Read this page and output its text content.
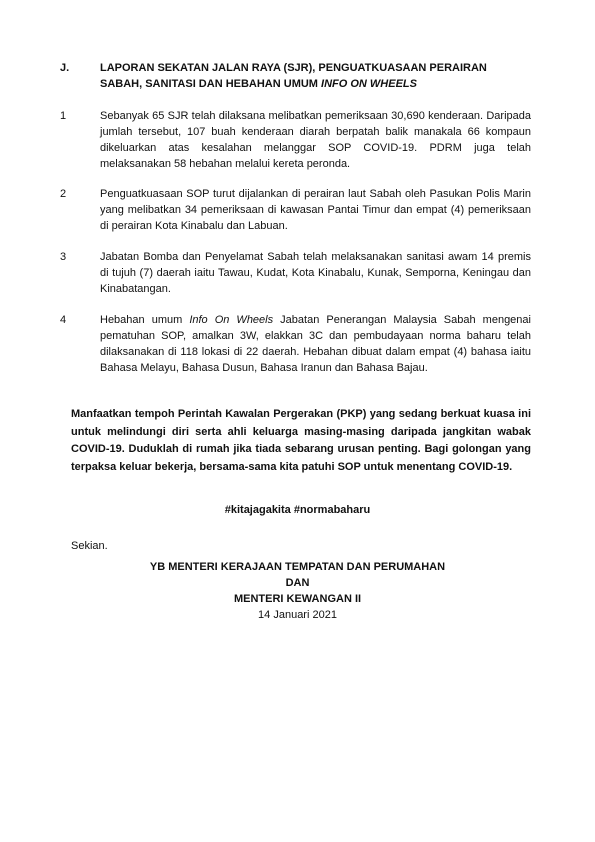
J.	LAPORAN SEKATAN JALAN RAYA (SJR), PENGUATKUASAAN PERAIRAN SABAH, SANITASI DAN HEBAHAN UMUM INFO ON WHEELS
1	Sebanyak 65 SJR telah dilaksana melibatkan pemeriksaan 30,690 kenderaan. Daripada jumlah tersebut, 107 buah kenderaan diarah berpatah balik manakala 66 kompaun dikeluarkan atas kesalahan melanggar SOP COVID-19. PDRM juga telah melaksanakan 58 hebahan melalui kereta peronda.
2	Penguatkuasaan SOP turut dijalankan di perairan laut Sabah oleh Pasukan Polis Marin yang melibatkan 34 pemeriksaan di kawasan Pantai Timur dan empat (4) pemeriksaan di perairan Kota Kinabalu dan Labuan.
3	Jabatan Bomba dan Penyelamat Sabah telah melaksanakan sanitasi awam 14 premis di tujuh (7) daerah iaitu Tawau, Kudat, Kota Kinabalu, Kunak, Semporna, Keningau dan Kinabatangan.
4	Hebahan umum Info On Wheels Jabatan Penerangan Malaysia Sabah mengenai pematuhan SOP, amalkan 3W, elakkan 3C dan pembudayaan norma baharu telah dilaksanakan di 118 lokasi di 22 daerah. Hebahan dibuat dalam empat (4) bahasa iaitu Bahasa Melayu, Bahasa Dusun, Bahasa Iranun dan Bahasa Bajau.
Manfaatkan tempoh Perintah Kawalan Pergerakan (PKP) yang sedang berkuat kuasa ini untuk melindungi diri serta ahli keluarga masing-masing daripada jangkitan wabak COVID-19. Duduklah di rumah jika tiada sebarang urusan penting. Bagi golongan yang terpaksa keluar bekerja, bersama-sama kita patuhi SOP untuk menentang COVID-19.
#kitajagakita #normabaharu
Sekian.
YB MENTERI KERAJAAN TEMPATAN DAN PERUMAHAN
DAN
MENTERI KEWANGAN II
14 Januari 2021
